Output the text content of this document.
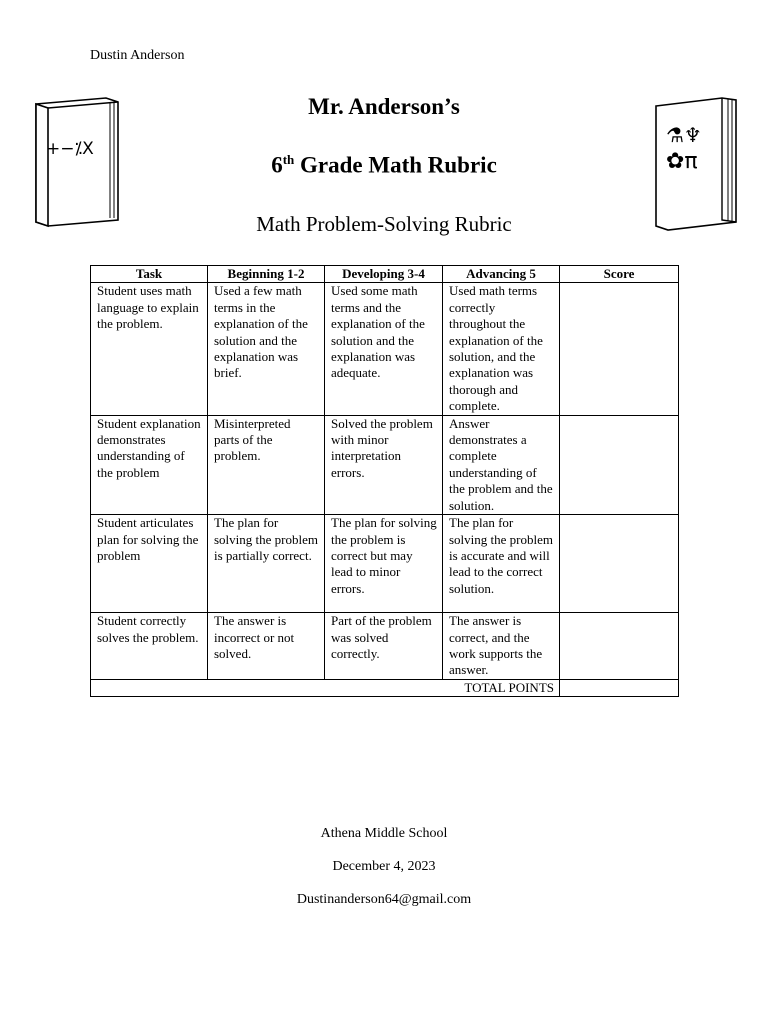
Dustin Anderson
+−⁒X
⚗♆
✿π
Mr. Anderson’s
6th Grade Math Rubric
Math Problem-Solving Rubric
Task	Beginning 1-2	Developing 3-4	Advancing 5	Score
Student uses math language to explain the problem.	Used a few math terms in the explanation of the solution and the explanation was brief.	Used some math terms and the explanation of the solution and the explanation was adequate.	Used math terms correctly throughout the explanation of the solution, and the explanation was thorough and complete.	
Student explanation demonstrates understanding of the problem	Misinterpreted parts of the problem.	Solved the problem with minor interpretation errors.	Answer demonstrates a complete understanding of the problem and the solution.	
Student articulates plan for solving the problem	The plan for solving the problem is partially correct.	The plan for solving the problem is correct but may lead to minor errors.	The plan for solving the problem is accurate and will lead to the correct solution.	
Student correctly solves the problem.	The answer is incorrect or not solved.	Part of the problem was solved correctly.	The answer is correct, and the work supports the answer.	
TOTAL POINTS				
Athena Middle School
December 4, 2023
Dustinanderson64@gmail.com
